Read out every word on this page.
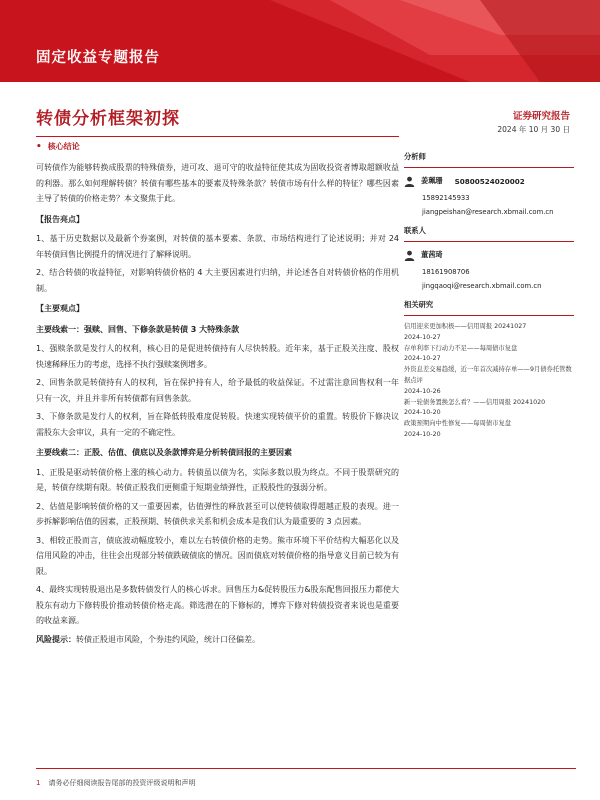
固定收益专题报告
转债分析框架初探	证券研究报告
2024 年 10 月 30 日
• 核心结论

可转债作为能够转换成股票的特殊债券，进可攻、退可守的收益特征使其成为固收投资者博取超额收益的利器。那么如何理解转债？转债有哪些基本的要素及特殊条款？转债市场有什么样的特征？哪些因素主导了转债的价格走势？本文聚焦于此。

【报告亮点】

1、基于历史数据以及最新个券案例，对转债的基本要素、条款、市场结构进行了论述说明；并对 24 年转债回售比例提升的情况进行了解释说明。

2、结合转债的收益特征，对影响转债价格的 4 大主要因素进行归纳，并论述各自对转债价格的作用机制。

【主要观点】

主要线索一：强赎、回售、下修条款是转债 3 大特殊条款

1、强赎条款是发行人的权利，核心目的是促进转债持有人尽快转股。近年来，基于正股关注度、股权快速稀释压力的考虑，选择不执行强赎案例增多。

2、回售条款是转债持有人的权利，旨在保护持有人，给予最低的收益保证。不过需注意回售权利一年只有一次，并且并非所有转债都有回售条款。

3、下修条款是发行人的权利，旨在降低转股难度促转股。快速实现转债平价的重置。转股价下修决议需股东大会审议，具有一定的不确定性。

主要线索二：正股、估值、债底以及条款博弈是分析转债回报的主要因素

1、正股是驱动转债价格上涨的核心动力。转债虽以债为名，实际多数以股为终点。不同于股票研究的是，转债存续期有限。转债正股我们更侧重于短期业绩弹性，正股股性的强弱分析。

2、估值是影响转债价格的又一重要因素，估值弹性的释放甚至可以使转债取得超越正股的表现。进一步拆解影响估值的因素，正股预期、转债供求关系和机会成本是我们认为最重要的 3 点因素。

3、相较正股而言，债底波动幅度较小，难以左右转债价格的走势。熊市环境下平价结构大幅恶化以及信用风险的冲击，往往会出现部分转债跌破债底的情况。因而债底对转债价格的指导意义目前已较为有限。

4、最终实现转股退出是多数转债发行人的核心诉求。回售压力&促转股压力&股东配售回报压力都使大股东有动力下修转股价推动转债价格走高。筛选潜在的下修标的，博弈下修对转债投资者来说也是重要的收益来源。

风险提示：转债正股退市风险，个券违约风险，统计口径偏差。

分析师
姜珮珊 S0800524020002
15892145933
jiangpeishan@research.xbmail.com.cn
联系人
董茜琦
18161908706
jingqaoqi@research.xbmail.com.cn
相关研究
信用迎来更加积极——信用周报 20241027
2024-10-27
存单利率下行动力不足——每周债市复盘
2024-10-27
外资息差交易趋缓，近一年首次减持存单——9月债券托管数据点评
2024-10-26
新一轮债务置换怎么看？——信用周报 20241020
2024-10-20
政策预期向中性修复——每周债市复盘
2024-10-20
1 请务必仔细阅读报告尾部的投资评级说明和声明
